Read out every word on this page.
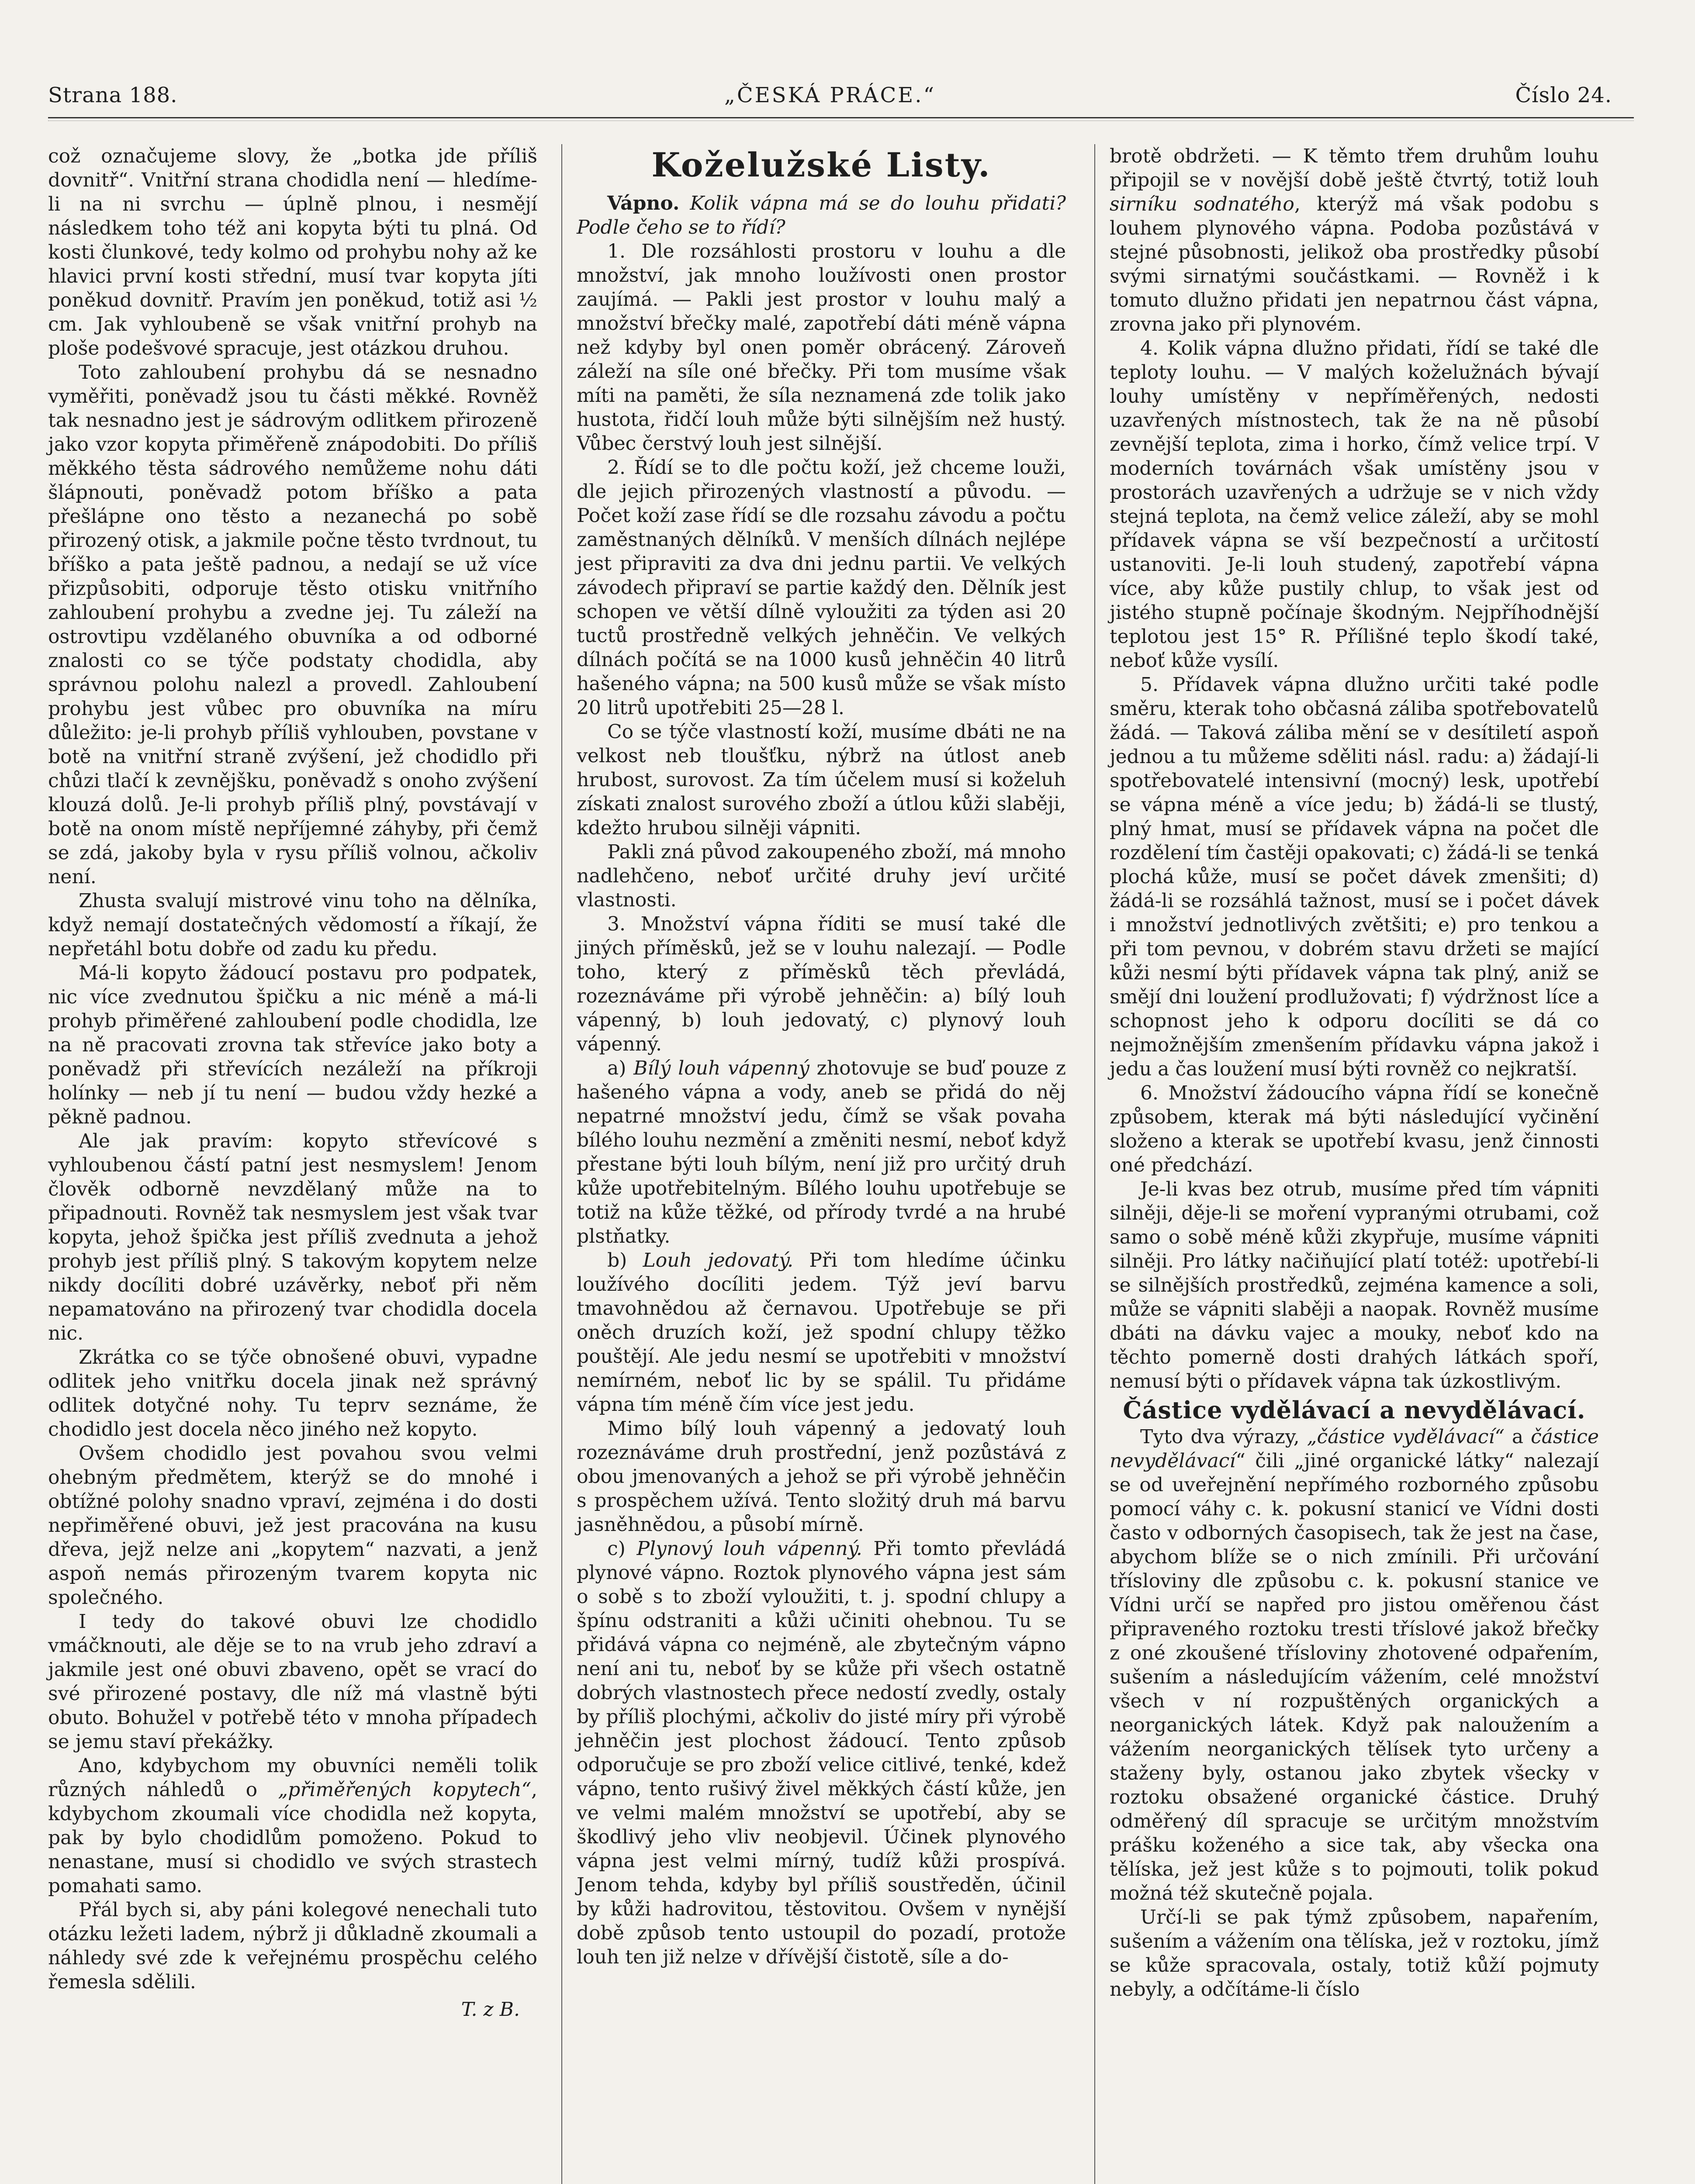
Strana 188.	„ČESKÁ PRÁCE.“	Číslo 24.

což označujeme slovy, že „botka jde příliš dovnitř“. Vnitřní strana chodidla není — hledíme-li na ni svrchu — úplně plnou, i nesmějí následkem toho též ani kopyta býti tu plná. Od kosti člunkové, tedy kolmo od prohybu nohy až ke hlavici první kosti střední, musí tvar kopyta jíti poněkud dovnitř. Pravím jen poněkud, totiž asi ½ cm. Jak vyhloubeně se však vnitřní prohyb na ploše podešvové spracuje, jest otázkou druhou.

Toto zahloubení prohybu dá se nesnadno vyměřiti, poněvadž jsou tu části měkké. Rovněž tak nesnadno jest je sádrovým odlitkem přirozeně jako vzor kopyta přiměřeně znápodobiti. Do příliš měkkého těsta sádrového nemůžeme nohu dáti šlápnouti, poněvadž potom bříško a pata přešlápne ono těsto a nezanechá po sobě přirozený otisk, a jakmile počne těsto tvrdnout, tu bříško a pata ještě padnou, a nedají se už více přizpůsobiti, odporuje těsto otisku vnitřního zahloubení prohybu a zvedne jej. Tu záleží na ostrovtipu vzdělaného obuvníka a od odborné znalosti co se týče podstaty chodidla, aby správnou polohu nalezl a provedl. Zahloubení prohybu jest vůbec pro obuvníka na míru důležito: je-li prohyb příliš vyhlouben, povstane v botě na vnitřní straně zvýšení, jež chodidlo při chůzi tlačí k zevnějšku, poněvadž s onoho zvýšení klouzá dolů. Je-li prohyb příliš plný, povstávají v botě na onom místě nepříjemné záhyby, při čemž se zdá, jakoby byla v rysu příliš volnou, ačkoliv není.

Zhusta svalují mistrové vinu toho na dělníka, když nemají dostatečných vědomostí a říkají, že nepřetáhl botu dobře od zadu ku předu.

Má-li kopyto žádoucí postavu pro podpatek, nic více zvednutou špičku a nic méně a má-li prohyb přiměřené zahloubení podle chodidla, lze na ně pracovati zrovna tak střevíce jako boty a poněvadž při střevících nezáleží na příkroji holínky — neb jí tu není — budou vždy hezké a pěkně padnou.

Ale jak pravím: kopyto střevícové s vyhloubenou částí patní jest nesmyslem! Jenom člověk odborně nevzdělaný může na to připadnouti. Rovněž tak nesmyslem jest však tvar kopyta, jehož špička jest příliš zvednuta a jehož prohyb jest příliš plný. S takovým kopytem nelze nikdy docíliti dobré uzávěrky, neboť při něm nepamatováno na přirozený tvar chodidla docela nic.

Zkrátka co se týče obnošené obuvi, vypadne odlitek jeho vnitřku docela jinak než správný odlitek dotyčné nohy. Tu teprv seznáme, že chodidlo jest docela něco jiného než kopyto.

Ovšem chodidlo jest povahou svou velmi ohebným předmětem, kterýž se do mnohé i obtížné polohy snadno vpraví, zejména i do dosti nepřiměřené obuvi, jež jest pracována na kusu dřeva, jejž nelze ani „kopytem“ nazvati, a jenž aspoň nemás přirozeným tvarem kopyta nic společného.

I tedy do takové obuvi lze chodidlo vmáčknouti, ale děje se to na vrub jeho zdraví a jakmile jest oné obuvi zbaveno, opět se vrací do své přirozené postavy, dle níž má vlastně býti obuto. Bohužel v potřebě této v mnoha případech se jemu staví překážky.

Ano, kdybychom my obuvníci neměli tolik různých náhledů o „přiměřených kopytech“, kdybychom zkoumali více chodidla než kopyta, pak by bylo chodidlům pomoženo. Pokud to nenastane, musí si chodidlo ve svých strastech pomahati samo.

Přál bych si, aby páni kolegové nenechali tuto otázku ležeti ladem, nýbrž ji důkladně zkoumali a náhledy své zde k veřejnému prospěchu celého řemesla sdělili.

T. z B.
Koželužské Listy.

Vápno. Kolik vápna má se do louhu přidati? Podle čeho se to řídí?

1. Dle rozsáhlosti prostoru v louhu a dle množství, jak mnoho loužívosti onen prostor zaujímá. — Pakli jest prostor v louhu malý a množství břečky malé, zapotřebí dáti méně vápna než kdyby byl onen poměr obrácený. Zároveň záleží na síle oné břečky. Při tom musíme však míti na paměti, že síla neznamená zde tolik jako hustota, řidčí louh může býti silnějším než hustý. Vůbec čerstvý louh jest silnější.

2. Řídí se to dle počtu koží, jež chceme louži, dle jejich přirozených vlastností a původu. — Počet koží zase řídí se dle rozsahu závodu a počtu zaměstnaných dělníků. V menších dílnách nejlépe jest připraviti za dva dni jednu partii. Ve velkých závodech připraví se partie každý den. Dělník jest schopen ve větší dílně vyloužiti za týden asi 20 tuctů prostředně velkých jehněčin. Ve velkých dílnách počítá se na 1000 kusů jehněčin 40 litrů hašeného vápna; na 500 kusů může se však místo 20 litrů upotřebiti 25—28 l.

Co se týče vlastností koží, musíme dbáti ne na velkost neb tloušťku, nýbrž na útlost aneb hrubost, surovost. Za tím účelem musí si koželuh získati znalost surového zboží a útlou kůži slaběji, kdežto hrubou silněji vápniti.

Pakli zná původ zakoupeného zboží, má mnoho nadlehčeno, neboť určité druhy jeví určité vlastnosti.

3. Množství vápna říditi se musí také dle jiných příměsků, jež se v louhu nalezají. — Podle toho, který z příměsků těch převládá, rozeznáváme při výrobě jehněčin: a) bílý louh vápenný, b) louh jedovatý, c) plynový louh vápenný.

a) Bílý louh vápenný zhotovuje se buď pouze z hašeného vápna a vody, aneb se přidá do něj nepatrné množství jedu, čímž se však povaha bílého louhu nezmění a změniti nesmí, neboť když přestane býti louh bílým, není již pro určitý druh kůže upotřebitelným. Bílého louhu upotřebuje se totiž na kůže těžké, od přírody tvrdé a na hrubé plstňatky.

b) Louh jedovatý. Při tom hledíme účinku loužívého docíliti jedem. Týž jeví barvu tmavohnědou až černavou. Upotřebuje se při oněch druzích koží, jež spodní chlupy těžko pouštějí. Ale jedu nesmí se upotřebiti v množství nemírném, neboť lic by se spálil. Tu přidáme vápna tím méně čím více jest jedu.

Mimo bílý louh vápenný a jedovatý louh rozeznáváme druh prostřední, jenž pozůstává z obou jmenovaných a jehož se při výrobě jehněčin s prospěchem užívá. Tento složitý druh má barvu jasněhnědou, a působí mírně.

c) Plynový louh vápenný. Při tomto převládá plynové vápno. Roztok plynového vápna jest sám o sobě s to zboží vyloužiti, t. j. spodní chlupy a špínu odstraniti a kůži učiniti ohebnou. Tu se přidává vápna co nejméně, ale zbytečným vápno není ani tu, neboť by se kůže při všech ostatně dobrých vlastnostech přece nedostí zvedly, ostaly by příliš plochými, ačkoliv do jisté míry při výrobě jehněčin jest plochost žádoucí. Tento způsob odporučuje se pro zboží velice citlivé, tenké, kdež vápno, tento rušivý živel měkkých částí kůže, jen ve velmi malém množství se upotřebí, aby se škodlivý jeho vliv neobjevil. Účinek plynového vápna jest velmi mírný, tudíž kůži prospívá. Jenom tehda, kdyby byl příliš soustředěn, účinil by kůži hadrovitou, těstovitou. Ovšem v nynější době způsob tento ustoupil do pozadí, protože louh ten již nelze v dřívější čistotě, síle a do-

brotě obdržeti. — K těmto třem druhům louhu připojil se v novější době ještě čtvrtý, totiž louh sirníku sodnatého, kterýž má však podobu s louhem plynového vápna. Podoba pozůstává v stejné působnosti, jelikož oba prostředky působí svými sirnatými součástkami. — Rovněž i k tomuto dlužno přidati jen nepatrnou část vápna, zrovna jako při plynovém.

4. Kolik vápna dlužno přidati, řídí se také dle teploty louhu. — V malých koželužnách bývají louhy umístěny v nepříměřených, nedosti uzavřených místnostech, tak že na ně působí zevnější teplota, zima i horko, čímž velice trpí. V moderních továrnách však umístěny jsou v prostorách uzavřených a udržuje se v nich vždy stejná teplota, na čemž velice záleží, aby se mohl přídavek vápna se vší bezpečností a určitostí ustanoviti. Je-li louh studený, zapotřebí vápna více, aby kůže pustily chlup, to však jest od jistého stupně počínaje škodným. Nejpříhodnější teplotou jest 15° R. Přílišné teplo škodí také, neboť kůže vysílí.

5. Přídavek vápna dlužno určiti také podle směru, kterak toho občasná záliba spotřebovatelů žádá. — Taková záliba mění se v desítiletí aspoň jednou a tu můžeme sděliti násl. radu: a) žádají-li spotřebovatelé intensivní (mocný) lesk, upotřebí se vápna méně a více jedu; b) žádá-li se tlustý, plný hmat, musí se přídavek vápna na počet dle rozdělení tím častěji opakovati; c) žádá-li se tenká plochá kůže, musí se počet dávek zmenšiti; d) žádá-li se rozsáhlá tažnost, musí se i počet dávek i množství jednotlivých zvětšiti; e) pro tenkou a při tom pevnou, v dobrém stavu držeti se mající kůži nesmí býti přídavek vápna tak plný, aniž se smějí dni loužení prodlužovati; f) výdržnost líce a schopnost jeho k odporu docíliti se dá co nejmožnějším zmenšením přídavku vápna jakož i jedu a čas loužení musí býti rovněž co nejkratší.

6. Množství žádoucího vápna řídí se konečně způsobem, kterak má býti následující vyčinění složeno a kterak se upotřebí kvasu, jenž činnosti oné předchází.

Je-li kvas bez otrub, musíme před tím vápniti silněji, děje-li se moření vypranými otrubami, což samo o sobě méně kůži zkypřuje, musíme vápniti silněji. Pro látky načiňující platí totéž: upotřebí-li se silnějších prostředků, zejména kamence a soli, může se vápniti slaběji a naopak. Rovněž musíme dbáti na dávku vajec a mouky, neboť kdo na těchto pomerně dosti drahých látkách spoří, nemusí býti o přídavek vápna tak úzkostlivým.

Částice vydělávací a nevydělávací.

Tyto dva výrazy, „částice vydělávací“ a částice nevydělávací“ čili „jiné organické látky“ nalezají se od uveřejnění nepřímého rozborného způsobu pomocí váhy c. k. pokusní stanicí ve Vídni dosti často v odborných časopisech, tak že jest na čase, abychom blíže se o nich zmínili. Při určování třísloviny dle způsobu c. k. pokusní stanice ve Vídni určí se napřed pro jistou oměřenou část připraveného roztoku tresti tříslové jakož břečky z oné zkoušené třísloviny zhotovené odpařením, sušením a následujícím vážením, celé množství všech v ní rozpuštěných organických a neorganických látek. Když pak naloužením a vážením neorganických tělísek tyto určeny a staženy byly, ostanou jako zbytek všecky v roztoku obsažené organické částice. Druhý odměřený díl spracuje se určitým množstvím prášku koženého a sice tak, aby všecka ona tělíska, jež jest kůže s to pojmouti, tolik pokud možná též skutečně pojala.

Určí-li se pak týmž způsobem, napařením, sušením a vážením ona tělíska, jež v roztoku, jímž se kůže spracovala, ostaly, totiž kůží pojmuty nebyly, a odčítáme-li číslo
